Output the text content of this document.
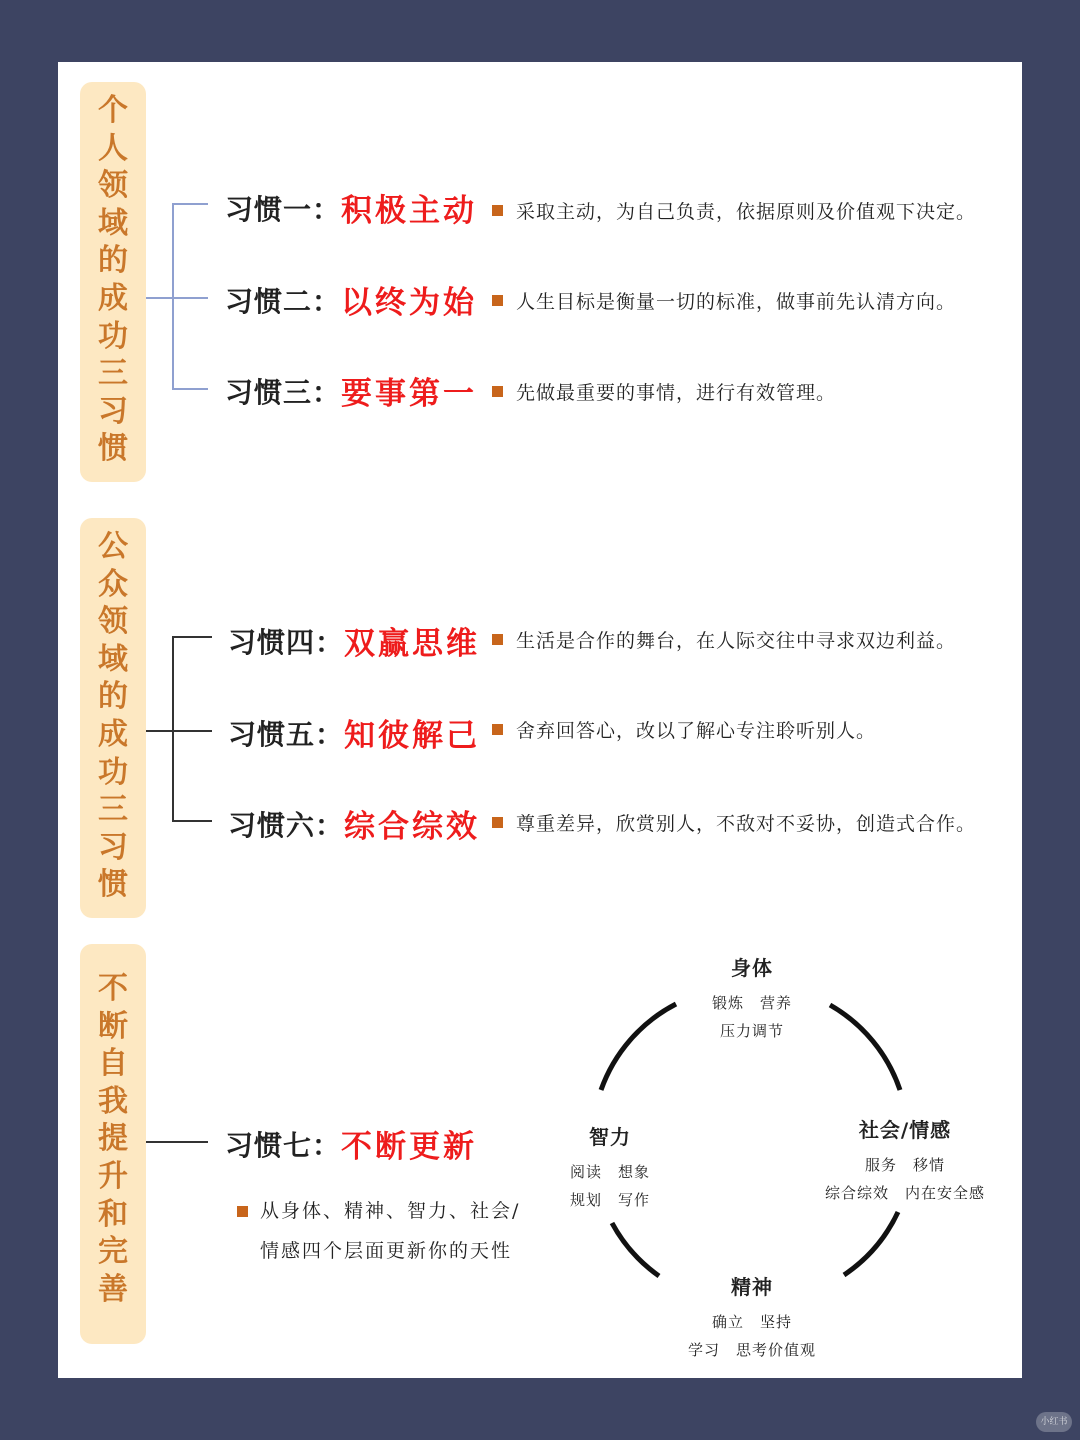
个
人
领
域
的
成
功
三
习
惯
习惯一： 积极主动 采取主动，为自己负责，依据原则及价值观下决定。
习惯二： 以终为始 人生目标是衡量一切的标准，做事前先认清方向。
习惯三： 要事第一 先做最重要的事情，进行有效管理。
公
众
领
域
的
成
功
三
习
惯
习惯四： 双赢思维 生活是合作的舞台，在人际交往中寻求双边利益。
习惯五： 知彼解己 舍弃回答心，改以了解心专注聆听别人。
习惯六： 综合综效 尊重差异，欣赏别人，不敌对不妥协，创造式合作。
不
断
自
我
提
升
和
完
善
习惯七： 不断更新
从身体、精神、智力、社会/
情感四个层面更新你的天性
身体
锻炼 营养
压力调节
社会/情感
服务 移情
综合综效 内在安全感
精神
确立 坚持
学习 思考价值观
智力
阅读 想象
规划 写作
小红书
